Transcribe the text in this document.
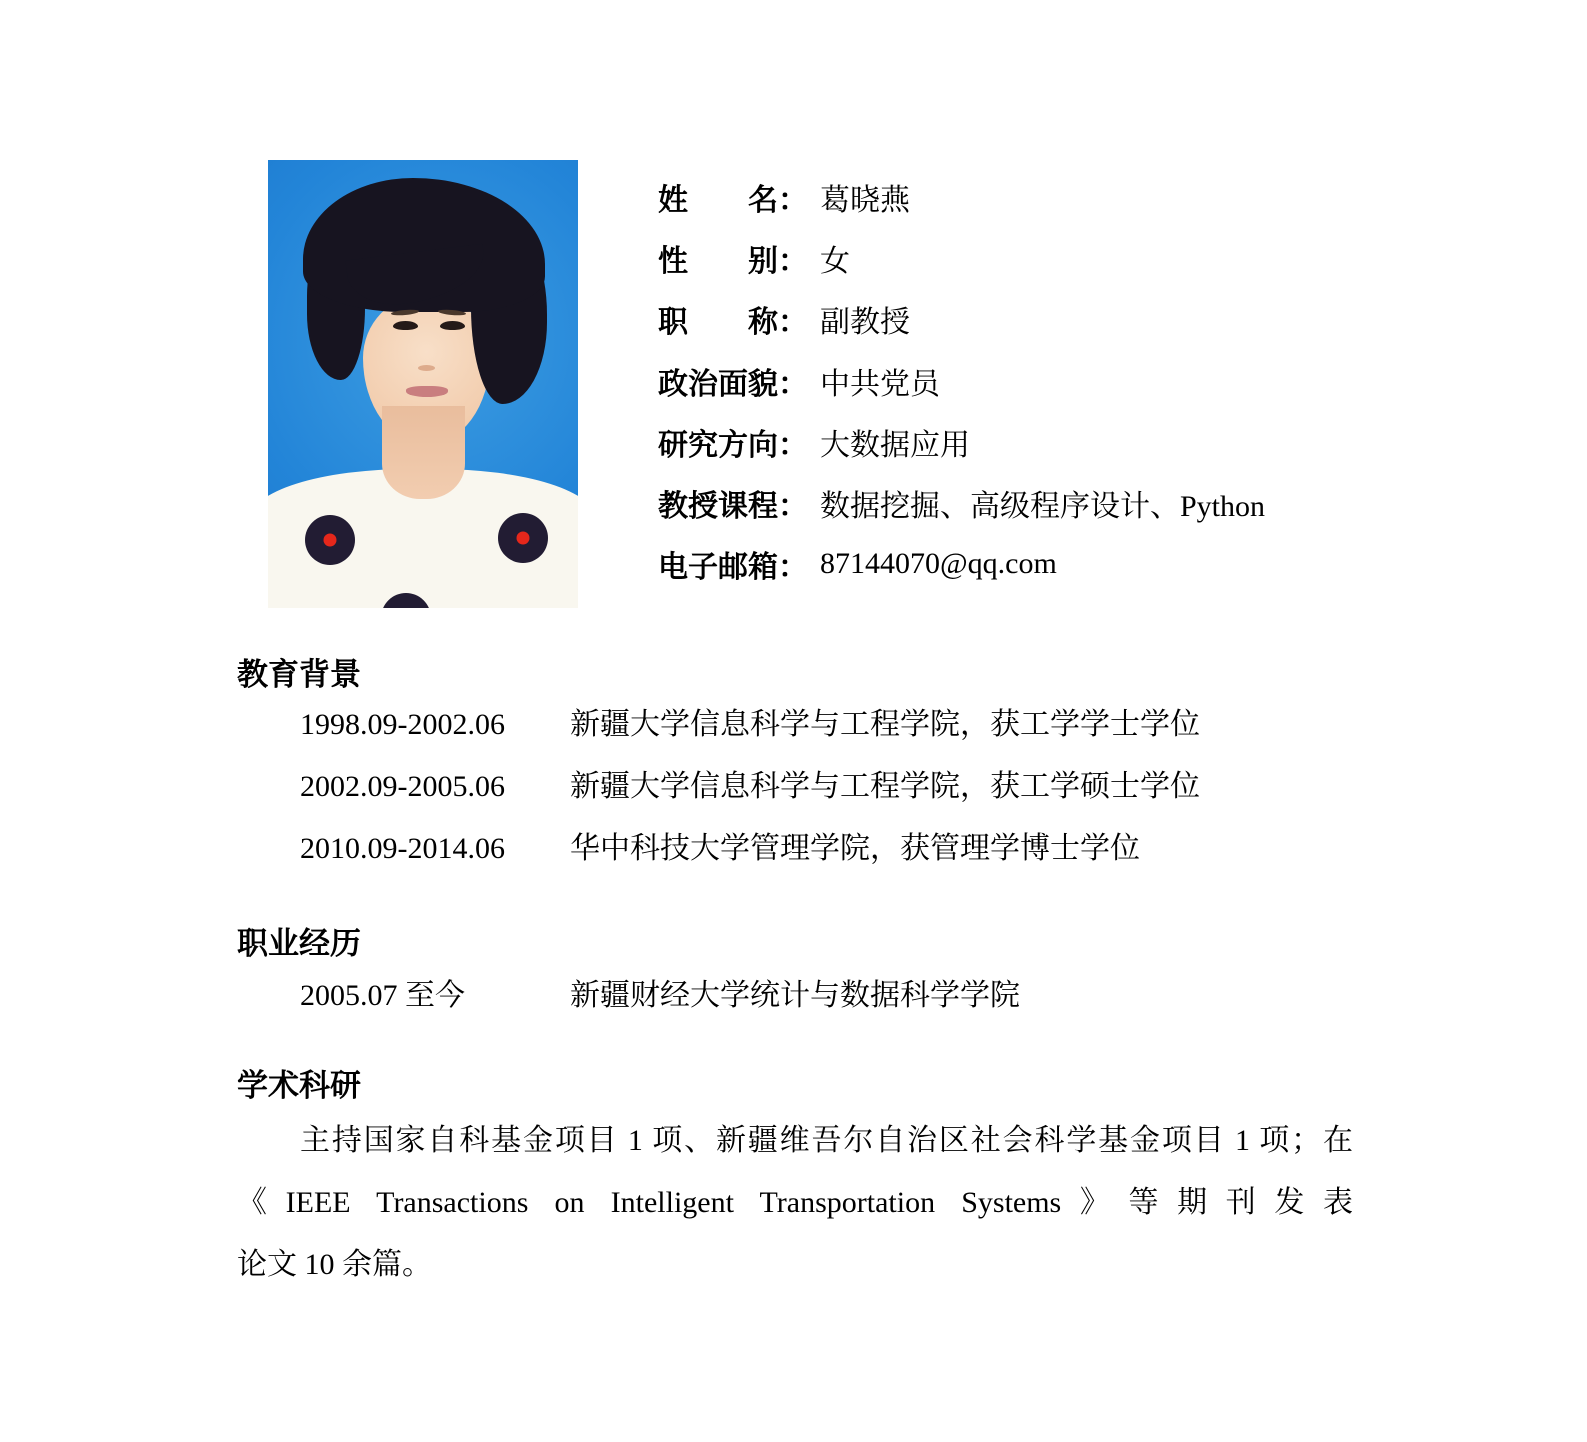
姓　　名： 葛晓燕
性　　别： 女
职　　称： 副教授
政治面貌： 中共党员
研究方向： 大数据应用
教授课程： 数据挖掘、高级程序设计、Python
电子邮箱： 87144070@qq.com
教育背景
1998.09-2002.06	新疆大学信息科学与工程学院，获工学学士学位
2002.09-2005.06	新疆大学信息科学与工程学院，获工学硕士学位
2010.09-2014.06	华中科技大学管理学院，获管理学博士学位
职业经历
2005.07 至今	新疆财经大学统计与数据科学学院
学术科研
主持国家自科基金项目 1 项、新疆维吾尔自治区社会科学基金项目 1 项；在
《IEEE Transactions on Intelligent Transportation Systems》等期刊发表
论文 10 余篇。
